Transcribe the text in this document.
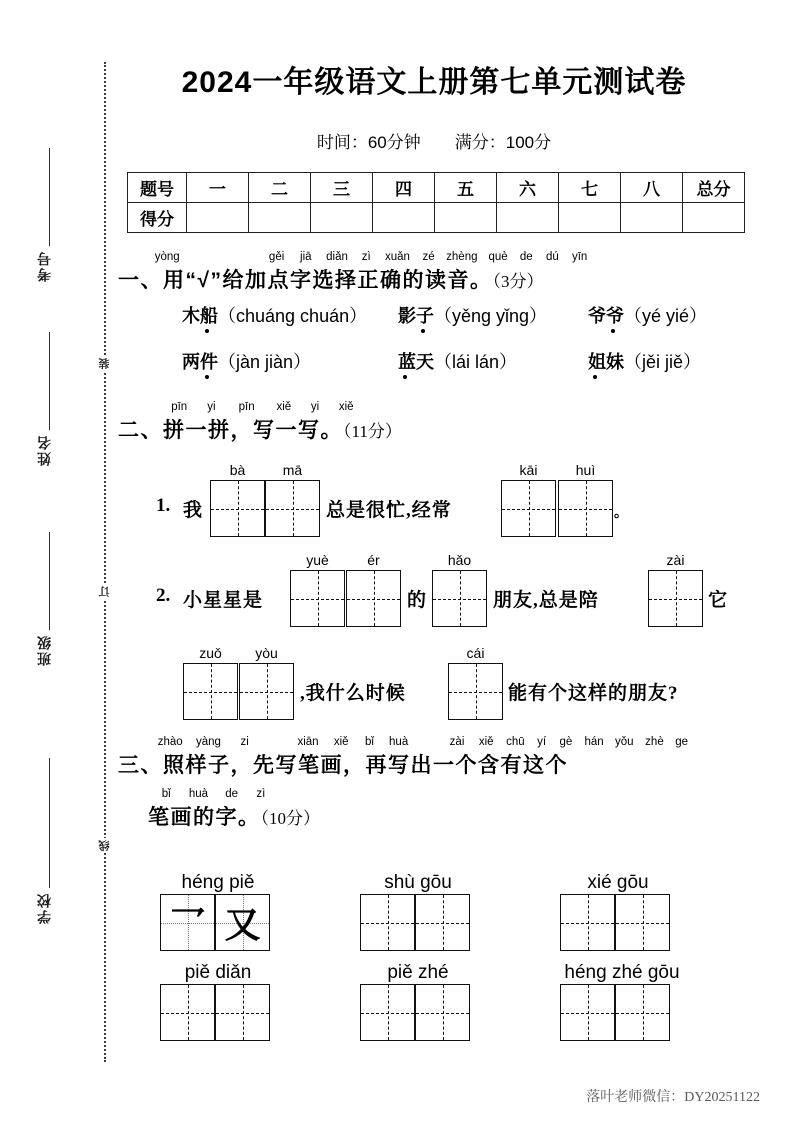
考号
姓名
班级
学校
装
订
线
2024一年级语文上册第七单元测试卷
时间：60分钟 满分：100分
题号	一	二	三	四	五	六	七	八	总分
得分									
yòng	gěi jiā diǎn zì xuǎn zé zhèng què de dú yīn
一、用“√”给加点字选择正确的读音。（3分）
木船（chuáng chuán） 影子（yěng yǐng） 爷爷（yé yié）
两件（jàn jiàn）	蓝天（lái lán）	姐妹（jěi jiě）
pīn yi pīn xiě yi xiě
二、拼一拼，写一写。（11分）
1. 我
bà	mā
总是很忙,经常
kāi	huì
。
2. 小星星是
yuè	ér
的
hǎo
朋友,总是陪
zài
它
zuǒ	yòu
,我什么时候
cái
能有个这样的朋友?
zhào yàng zi	xiān xiě bǐ huà	zài xiě chū yí gè hán yǒu zhè ge
三、照样子，先写笔画，再写出一个含有这个
bǐ huà de zì
笔画的字。（10分）
héng piě
乛 又
shù gōu	xié gōu
piě diǎn	piě zhé	héng zhé gōu
落叶老师微信：DY20251122
